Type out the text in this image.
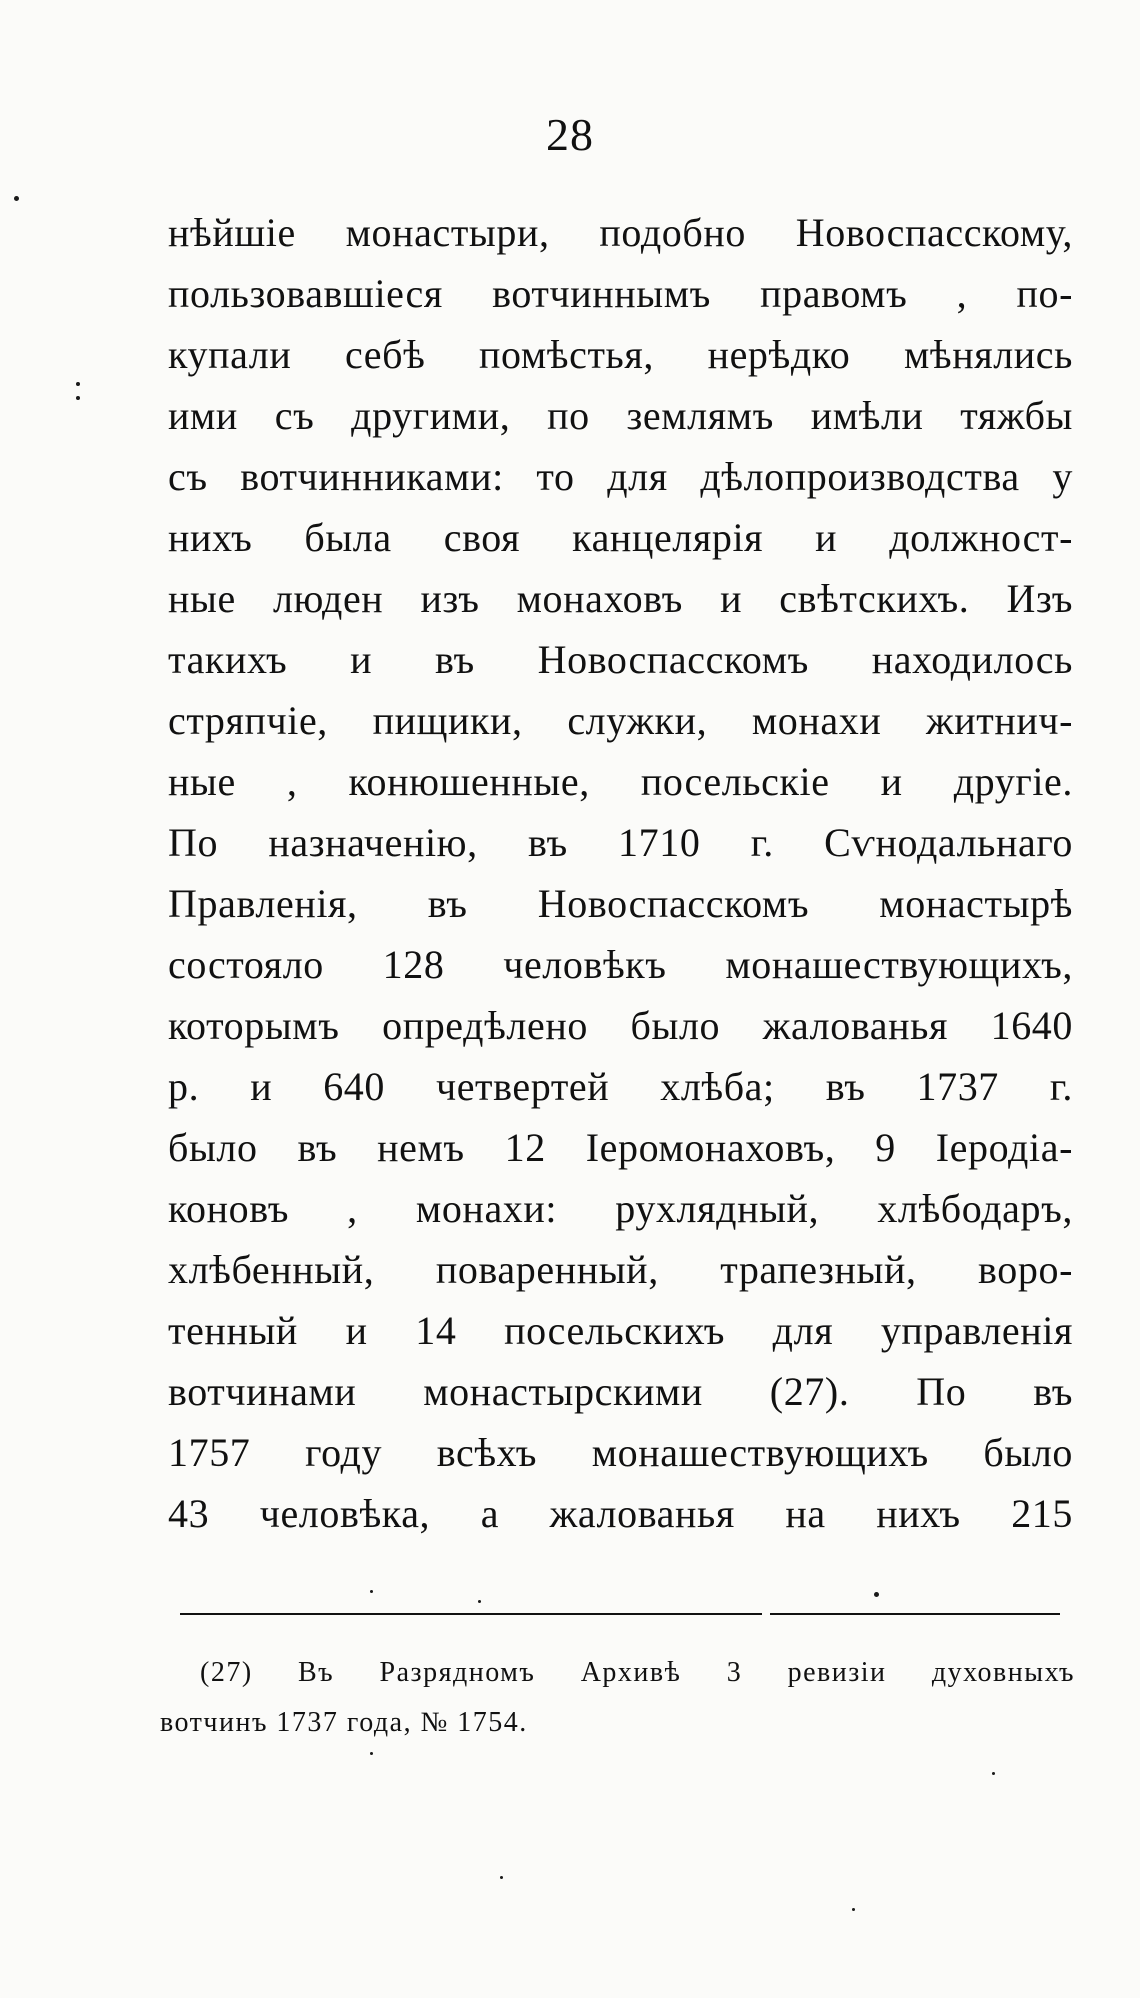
28
нѣйшіе монастыри, подобно Новоспасскому,
пользовавшіеся вотчиннымъ правомъ , по-
купали себѣ помѣстья, нерѣдко мѣнялись
ими съ другими, по землямъ имѣли тяжбы
съ вотчинниками: то для дѣлопроизводства у
нихъ была своя канцелярія и должност-
ные люден изъ монаховъ и свѣтскихъ. Изъ
такихъ и въ Новоспасскомъ находилось
стряпчіе, пищики, служки, монахи житнич-
ные , конюшенные, посельскіе и другіе.
По назначенію, въ 1710 г. Сѵнодальнаго
Правленія, въ Новоспасскомъ монастырѣ
состояло 128 человѣкъ монашествующихъ,
которымъ опредѣлено было жалованья 1640
р. и 640 четвертей хлѣба; въ 1737 г.
было въ немъ 12 Іеромонаховъ, 9 Іеродіа-
коновъ , монахи: рухлядный, хлѣбодаръ,
хлѣбенный, поваренный, трапезный, воро-
тенный и 14 посельскихъ для управленія
вотчинами монастырскими (27). По въ
1757 году всѣхъ монашествующихъ было
43 человѣка, а жалованья на нихъ 215
(27) Въ Разрядномъ Архивѣ 3 ревизіи духовныхъ
вотчинъ 1737 года, № 1754.
